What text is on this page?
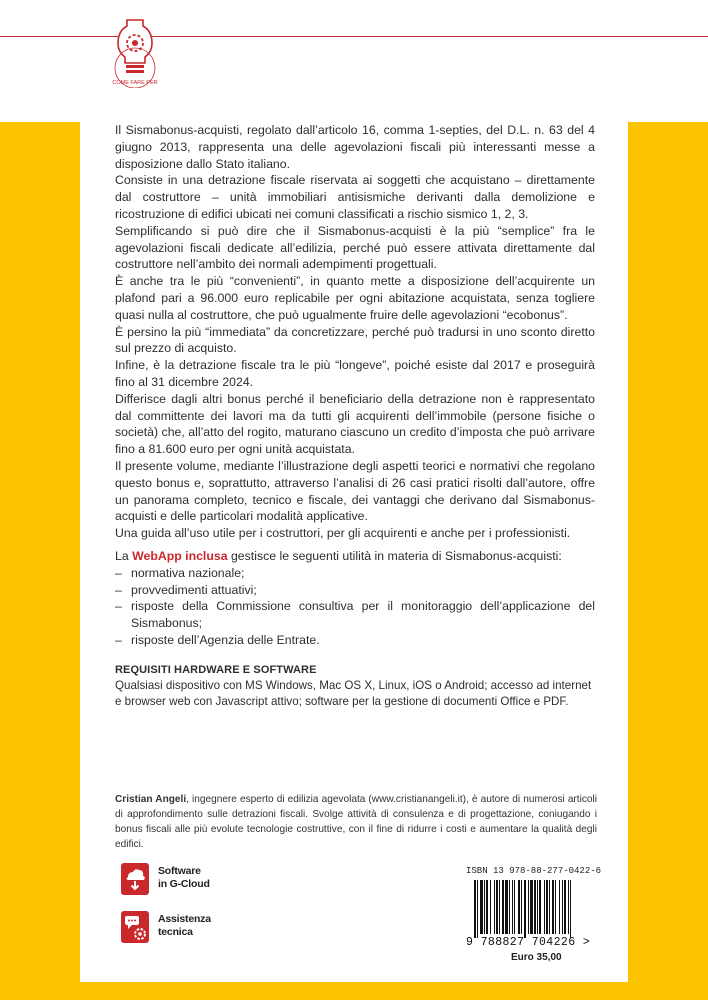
COME FARE PER

Il Sismabonus-acquisti, regolato dall’articolo 16, comma 1-septies, del D.L. n. 63 del 4 giugno 2013, rappresenta una delle agevolazioni fiscali più interessanti messe a disposizione dallo Stato italiano.

Consiste in una detrazione fiscale riservata ai soggetti che acquistano – direttamente dal costruttore – unità immobiliari antisismiche derivanti dalla demolizione e ricostruzione di edifici ubicati nei comuni classificati a rischio sismico 1, 2, 3.

Semplificando si può dire che il Sismabonus-acquisti è la più “semplice” fra le agevolazioni fiscali dedicate all’edilizia, perché può essere attivata direttamente dal costruttore nell’ambito dei normali adempimenti progettuali.

È anche tra le più “convenienti”, in quanto mette a disposizione dell’acquirente un plafond pari a 96.000 euro replicabile per ogni abitazione acquistata, senza togliere quasi nulla al costruttore, che può ugualmente fruire delle agevolazioni “ecobonus”.

È persino la più “immediata” da concretizzare, perché può tradursi in uno sconto diretto sul prezzo di acquisto.

Infine, è la detrazione fiscale tra le più “longeve”, poiché esiste dal 2017 e proseguirà fino al 31 dicembre 2024.

Differisce dagli altri bonus perché il beneficiario della detrazione non è rappresentato dal committente dei lavori ma da tutti gli acquirenti dell’immobile (persone fisiche o società) che, all’atto del rogito, maturano ciascuno un credito d’imposta che può arrivare fino a 81.600 euro per ogni unità acquistata.

Il presente volume, mediante l’illustrazione degli aspetti teorici e normativi che regolano questo bonus e, soprattutto, attraverso l’analisi di 26 casi pratici risolti dall’autore, offre un panorama completo, tecnico e fiscale, dei vantaggi che derivano dal Sismabonus-acquisti e delle particolari modalità applicative.

Una guida all’uso utile per i costruttori, per gli acquirenti e anche per i professionisti.

La WebApp inclusa gestisce le seguenti utilità in materia di Sismabonus-acquisti:
– normativa nazionale;
– provvedimenti attuativi;
– risposte della Commissione consultiva per il monitoraggio dell’applicazione del Sismabonus;
– risposte dell’Agenzia delle Entrate.
REQUISITI HARDWARE E SOFTWARE
Qualsiasi dispositivo con MS Windows, Mac OS X, Linux, iOS o Android; accesso ad internet e browser web con Javascript attivo; software per la gestione di documenti Office e PDF.
Cristian Angeli, ingegnere esperto di edilizia agevolata (www.cristianangeli.it), è autore di numerosi articoli di approfondimento sulle detrazioni fiscali. Svolge attività di consulenza e di progettazione, coniugando i bonus fiscali alle più evolute tecnologie costruttive, con il fine di ridurre i costi e aumentare la qualità degli edifici.
Software
in G-Cloud
Assistenza
tecnica
ISBN 13 978-88-277-0422-6
9 788827 704226 >
Euro 35,00
